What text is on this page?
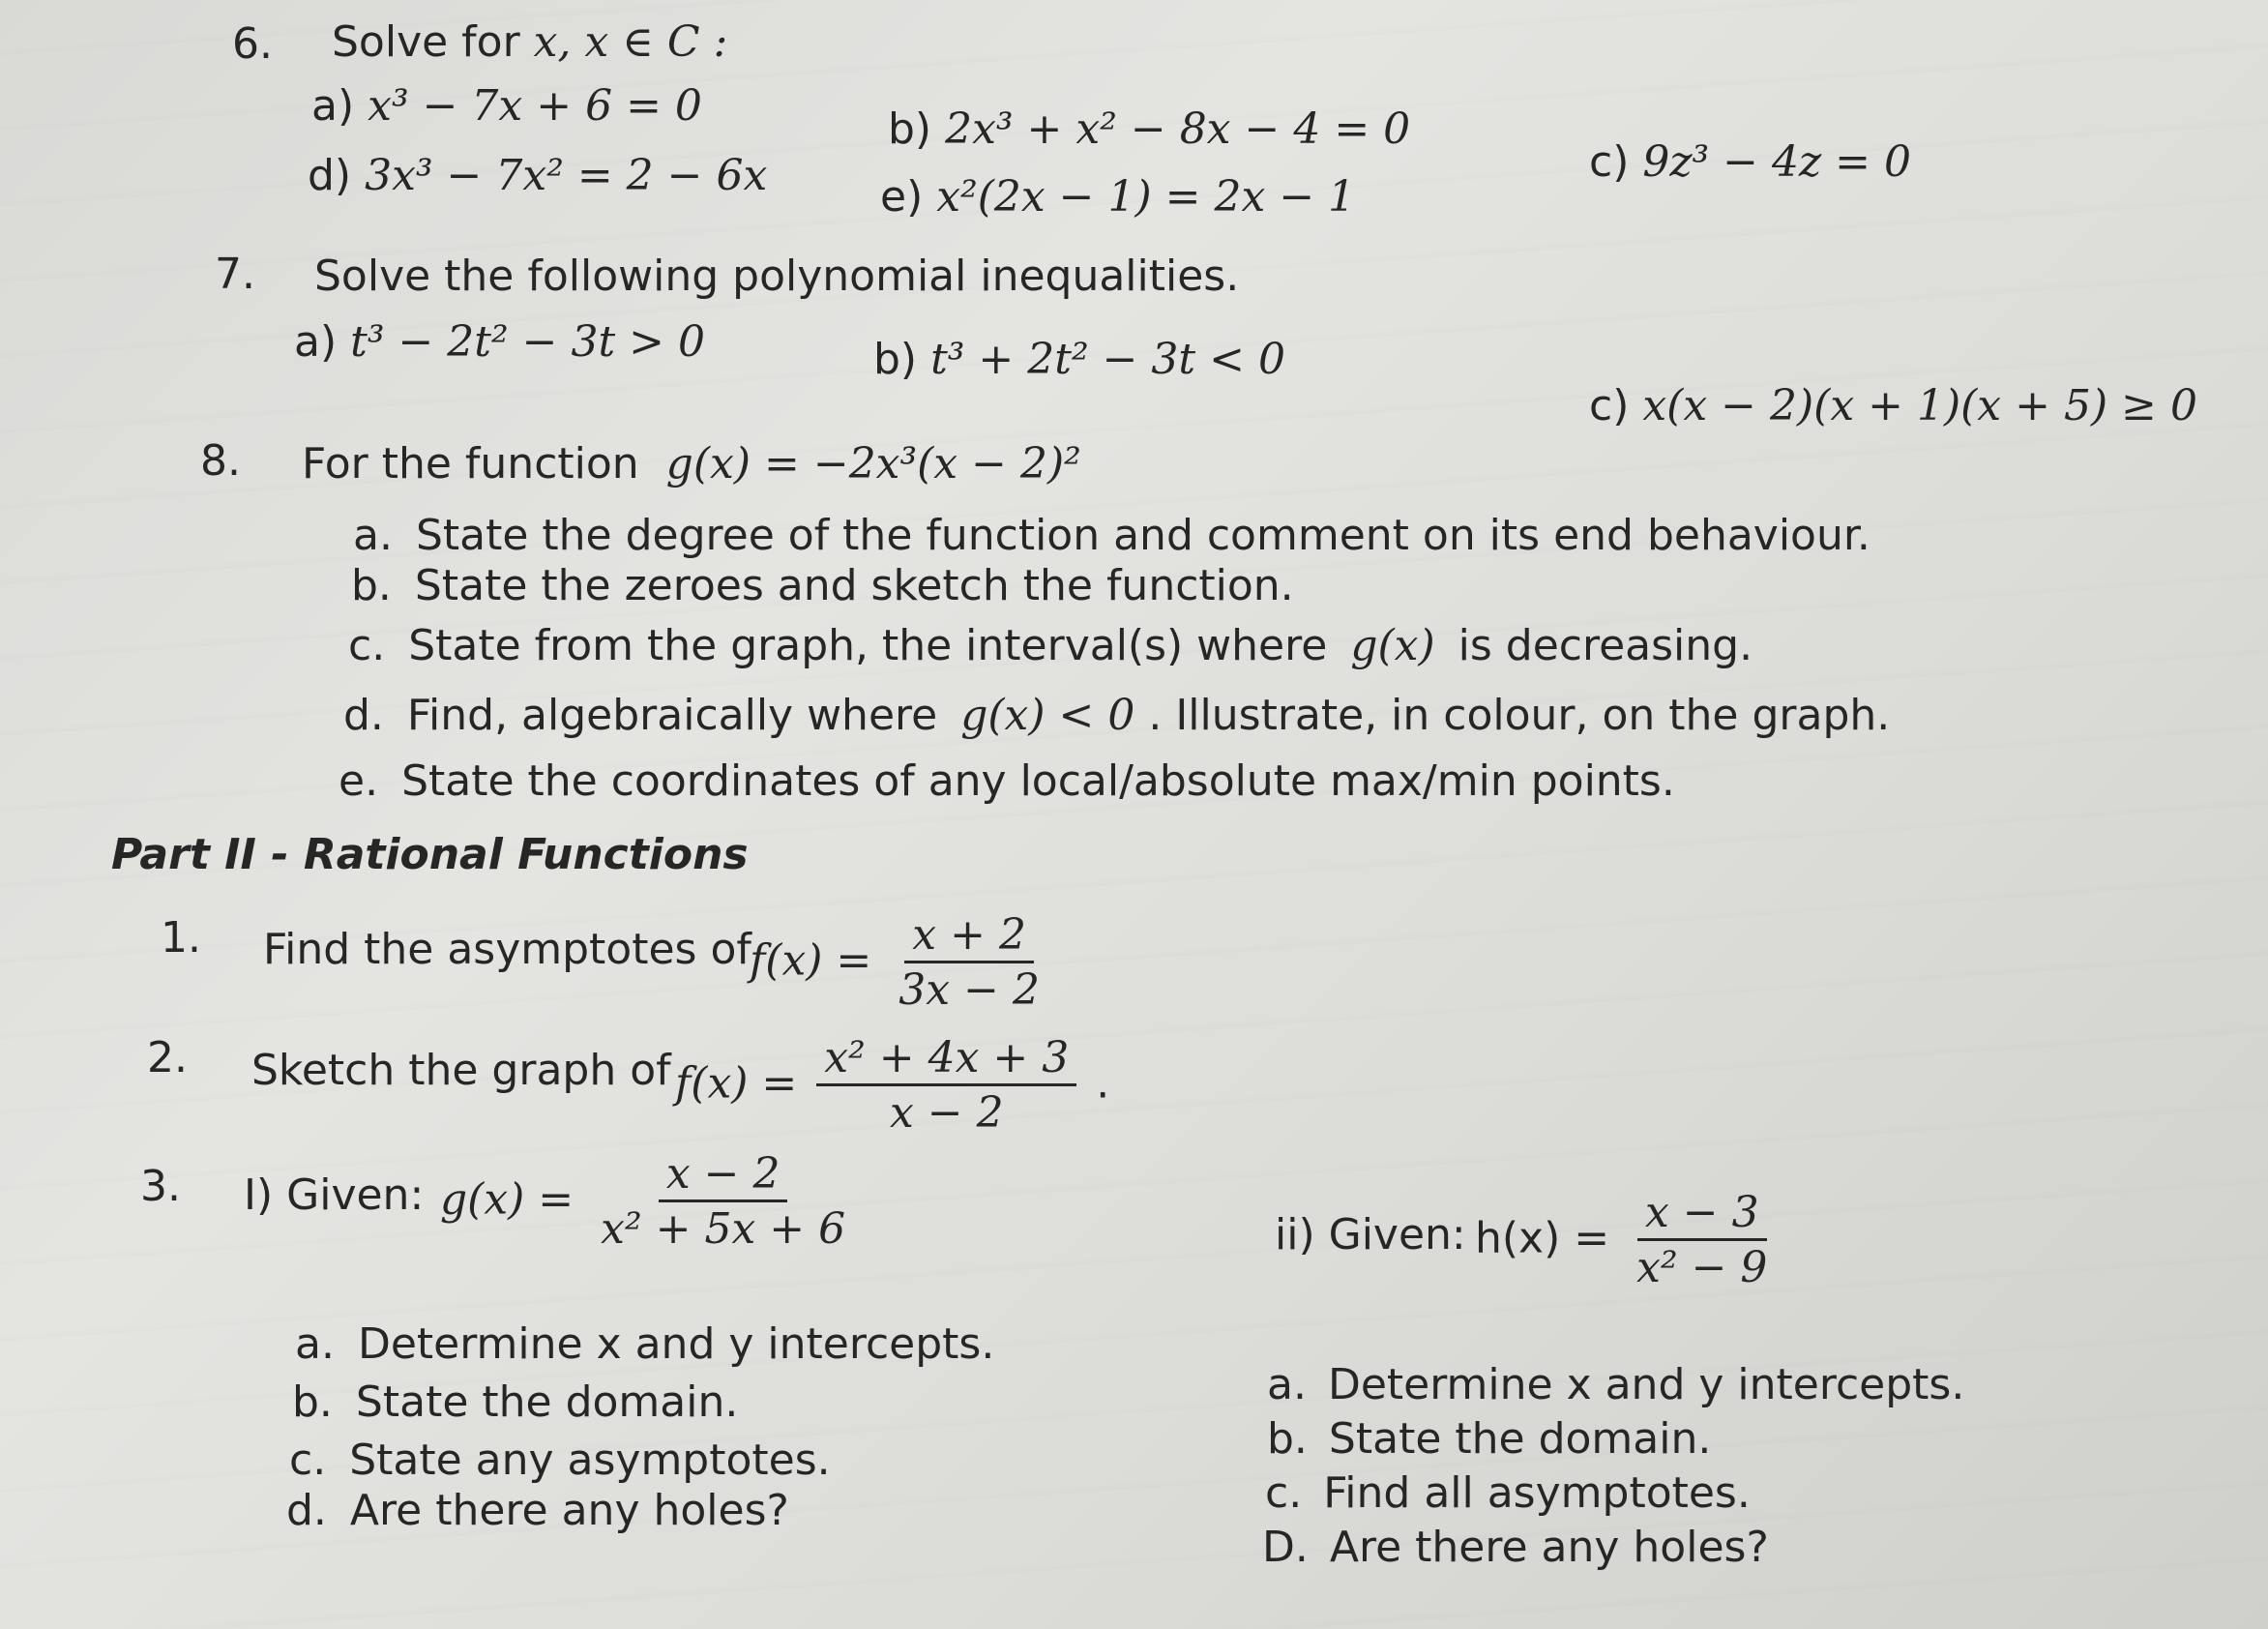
6. Solve for x, x ∈ C :
a) x³ − 7x + 6 = 0	b) 2x³ + x² − 8x − 4 = 0
c) 9z³ − 4z = 0
d) 3x³ − 7x² = 2 − 6x	e) x²(2x − 1) = 2x − 1
7. Solve the following polynomial inequalities.
a) t³ − 2t² − 3t > 0	b) t³ + 2t² − 3t < 0
c) x(x − 2)(x + 1)(x + 5) ≥ 0
8. For the function g(x) = −2x³(x − 2)²
a. State the degree of the function and comment on its end behaviour.
b. State the zeroes and sketch the function.
c. State from the graph, the interval(s) where g(x) is decreasing.
d. Find, algebraically where g(x) < 0 . Illustrate, in colour, on the graph.
e. State the coordinates of any local/absolute max/min points.
Part II - Rational Functions
1. Find the asymptotes of
$f(x) = \frac{x + 2}{3x - 2}$
2. Sketch the graph of $f(x) = \frac{\text{x² + 4x + 3}}{x - 2}$ .
3. I) Given: $g(x) = \frac{x - 2}{\text{x² + 5x + 6}}$	ii) Given: $h(x) = \frac{x - 3}{\text{x² − 9}}$
a. Determine x and y intercepts.
b. State the domain.
c. State any asymptotes.
d. Are there any holes?
a. Determine x and y intercepts.
b. State the domain.
c. Find all asymptotes.
D. Are there any holes?
